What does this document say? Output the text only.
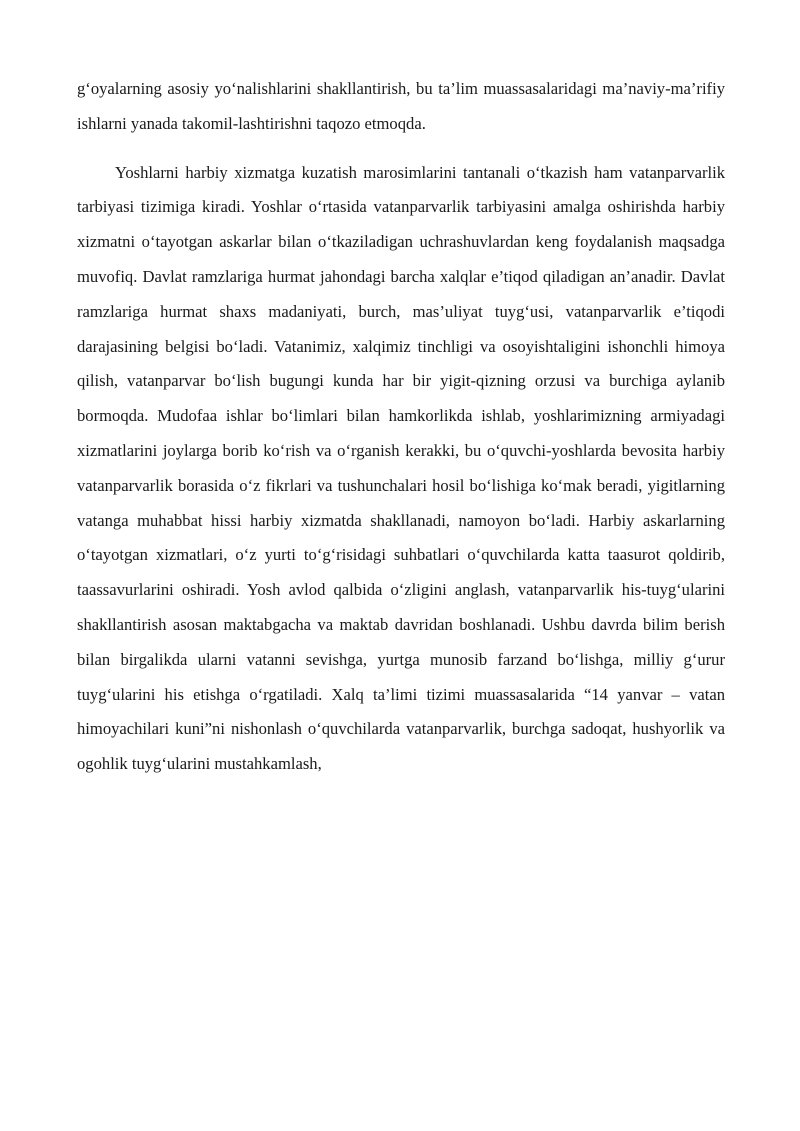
g‘oyalarning asosiy yo‘nalishlarini shakllantirish, bu ta’lim muassasalaridagi ma’naviy-ma’rifiy ishlarni yanada takomil-lashtirishni taqozo etmoqda.

Yoshlarni harbiy xizmatga kuzatish marosimlarini tantanali o‘tkazish ham vatanparvarlik tarbiyasi tizimiga kiradi. Yoshlar o‘rtasida vatanparvarlik tarbiyasini amalga oshirishda harbiy xizmatni o‘tayotgan askarlar bilan o‘tkaziladigan uchrashuvlardan keng foydalanish maqsadga muvofiq. Davlat ramzlariga hurmat jahondagi barcha xalqlar e’tiqod qiladigan an’anadir. Davlat ramzlariga hurmat shaxs madaniyati, burch, mas’uliyat tuyg‘usi, vatanparvarlik e’tiqodi darajasining belgisi bo‘ladi. Vatanimiz, xalqimiz tinchligi va osoyishtaligini ishonchli himoya qilish, vatanparvar bo‘lish bugungi kunda har bir yigit-qizning orzusi va burchiga aylanib bormoqda. Mudofaa ishlar bo‘limlari bilan hamkorlikda ishlab, yoshlarimizning armiyadagi xizmatlarini joylarga borib ko‘rish va o‘rganish kerakki, bu o‘quvchi-yoshlarda bevosita harbiy vatanparvarlik borasida o‘z fikrlari va tushunchalari hosil bo‘lishiga ko‘mak beradi, yigitlarning vatanga muhabbat hissi harbiy xizmatda shakllanadi, namoyon bo‘ladi. Harbiy askarlarning o‘tayotgan xizmatlari, o‘z yurti to‘g‘risidagi suhbatlari o‘quvchilarda katta taasurot qoldirib, taassavurlarini oshiradi. Yosh avlod qalbida o‘zligini anglash, vatanparvarlik his-tuyg‘ularini shakllantirish asosan maktabgacha va maktab davridan boshlanadi. Ushbu davrda bilim berish bilan birgalikda ularni vatanni sevishga, yurtga munosib farzand bo‘lishga, milliy g‘urur tuyg‘ularini his etishga o‘rgatiladi. Xalq ta’limi tizimi muassasalarida “14 yanvar – vatan himoyachilari kuni”ni nishonlash o‘quvchilarda vatanparvarlik, burchga sadoqat, hushyorlik va ogohlik tuyg‘ularini mustahkamlash,
